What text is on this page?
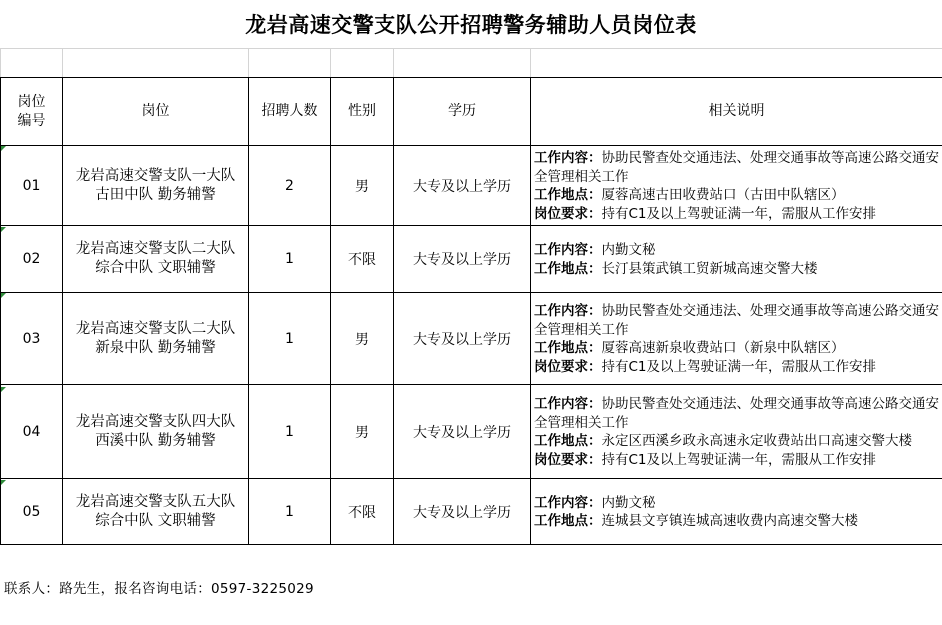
龙岩高速交警支队公开招聘警务辅助人员岗位表

岗位
编号	岗位	招聘人数	性别	学历	相关说明
01	龙岩高速交警支队一大队
古田中队 勤务辅警	2	男	大专及以上学历	工作内容：协助民警查处交通违法、处理交通事故等高速公路交通安全管理相关工作
工作地点：厦蓉高速古田收费站口（古田中队辖区）
岗位要求：持有C1及以上驾驶证满一年，需服从工作安排
02	龙岩高速交警支队二大队
综合中队 文职辅警	1	不限	大专及以上学历	工作内容：内勤文秘
工作地点：长汀县策武镇工贸新城高速交警大楼
03	龙岩高速交警支队二大队
新泉中队 勤务辅警	1	男	大专及以上学历	工作内容：协助民警查处交通违法、处理交通事故等高速公路交通安全管理相关工作
工作地点：厦蓉高速新泉收费站口（新泉中队辖区）
岗位要求：持有C1及以上驾驶证满一年，需服从工作安排
04	龙岩高速交警支队四大队
西溪中队 勤务辅警	1	男	大专及以上学历	工作内容：协助民警查处交通违法、处理交通事故等高速公路交通安全管理相关工作
工作地点：永定区西溪乡政永高速永定收费站出口高速交警大楼
岗位要求：持有C1及以上驾驶证满一年，需服从工作安排
05	龙岩高速交警支队五大队
综合中队 文职辅警	1	不限	大专及以上学历	工作内容：内勤文秘
工作地点：连城县文亨镇连城高速收费内高速交警大楼
联系人：路先生，报名咨询电话：0597-3225029
